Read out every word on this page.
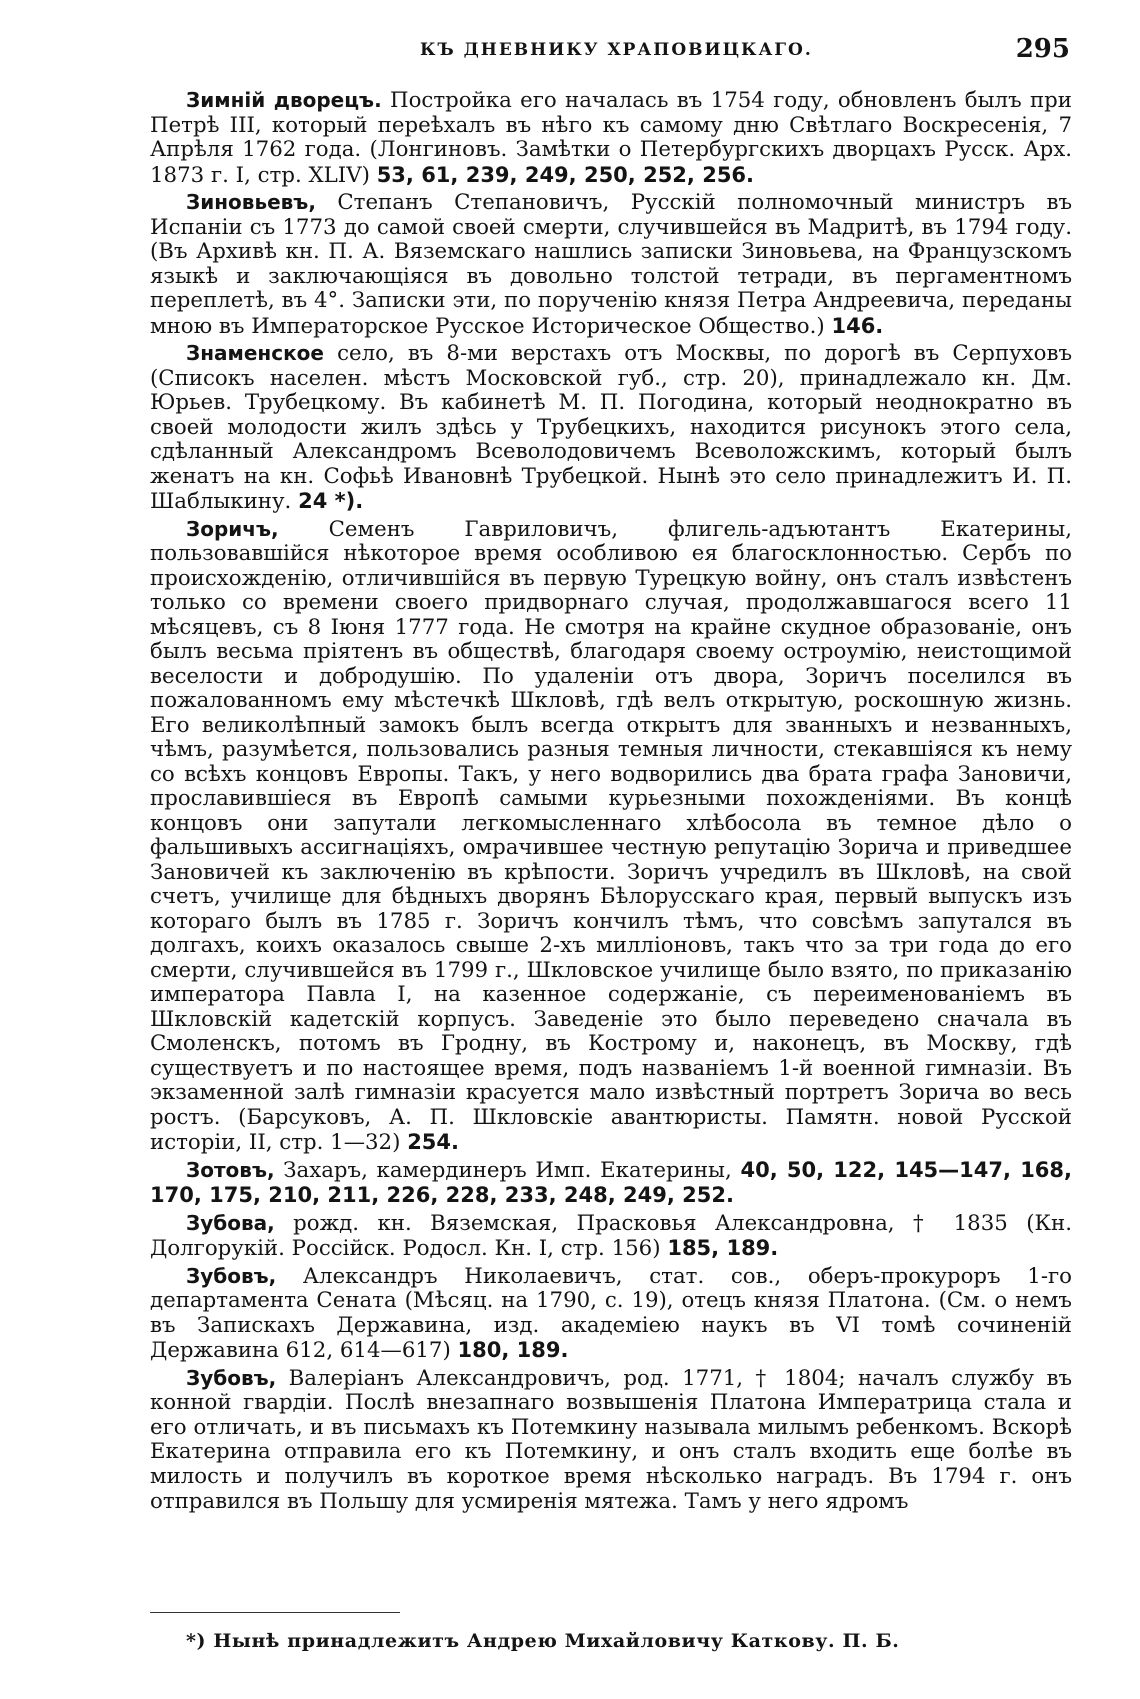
КЪ ДНЕВНИКУ ХРАПОВИЦКАГО.	295

Зимній дворецъ. Постройка его началась въ 1754 году, обновленъ былъ при Петрѣ III, который переѣхалъ въ нѣго къ самому дню Свѣтлаго Воскресенія, 7 Апрѣля 1762 года. (Лонгиновъ. Замѣтки о Петербургскихъ дворцахъ Русск. Арх. 1873 г. I, стр. XLIV) 53, 61, 239, 249, 250, 252, 256.

Зиновьевъ, Степанъ Степановичъ, Русскій полномочный министръ въ Испаніи съ 1773 до самой своей смерти, случившейся въ Мадритѣ, въ 1794 году. (Въ Архивѣ кн. П. А. Вяземскаго нашлись записки Зиновьева, на Французскомъ языкѣ и заключающіяся въ довольно толстой тетради, въ пергаментномъ переплетѣ, въ 4°. Записки эти, по порученію князя Петра Андреевича, переданы мною въ Императорское Русское Историческое Общество.) 146.

Знаменское село, въ 8-ми верстахъ отъ Москвы, по дорогѣ въ Серпуховъ (Списокъ населен. мѣстъ Московской губ., стр. 20), принадлежало кн. Дм. Юрьев. Трубецкому. Въ кабинетѣ М. П. Погодина, который неоднократно въ своей молодости жилъ здѣсь у Трубецкихъ, находится рисунокъ этого села, сдѣланный Александромъ Всеволодовичемъ Всеволожскимъ, который былъ женатъ на кн. Софьѣ Ивановнѣ Трубецкой. Нынѣ это село принадлежитъ И. П. Шаблыкину. 24 *).

Зоричъ, Семенъ Гавриловичъ, флигель-адъютантъ Екатерины, пользовавшійся нѣкоторое время особливою ея благосклонностью. Сербъ по происхожденію, отличившійся въ первую Турецкую войну, онъ сталъ извѣстенъ только со времени своего придворнаго случая, продолжавшагося всего 11 мѣсяцевъ, съ 8 Іюня 1777 года. Не смотря на крайне скудное образованіе, онъ былъ весьма пріятенъ въ обществѣ, благодаря своему остроумію, неистощимой веселости и добродушію. По удаленіи отъ двора, Зоричъ поселился въ пожалованномъ ему мѣстечкѣ Шкловѣ, гдѣ велъ открытую, роскошную жизнь. Его великолѣпный замокъ былъ всегда открытъ для званныхъ и незванныхъ, чѣмъ, разумѣется, пользовались разныя темныя личности, стекавшіяся къ нему со всѣхъ концовъ Европы. Такъ, у него водворились два брата графа Зановичи, прославившіеся въ Европѣ самыми курьезными похожденіями. Въ концѣ концовъ они запутали легкомысленнаго хлѣбосола въ темное дѣло о фальшивыхъ ассигнаціяхъ, омрачившее честную репутацію Зорича и приведшее Зановичей къ заключенію въ крѣпости. Зоричъ учредилъ въ Шкловѣ, на свой счетъ, училище для бѣдныхъ дворянъ Бѣлорусскаго края, первый выпускъ изъ котораго былъ въ 1785 г. Зоричъ кончилъ тѣмъ, что совсѣмъ запутался въ долгахъ, коихъ оказалось свыше 2-хъ милліоновъ, такъ что за три года до его смерти, случившейся въ 1799 г., Шкловское училище было взято, по приказанію императора Павла I, на казенное содержаніе, съ переименованіемъ въ Шкловскій кадетскій корпусъ. Заведеніе это было переведено сначала въ Смоленскъ, потомъ въ Гродну, въ Кострому и, наконецъ, въ Москву, гдѣ существуетъ и по настоящее время, подъ названіемъ 1-й военной гимназіи. Въ экзаменной залѣ гимназіи красуется мало извѣстный портретъ Зорича во весь ростъ. (Барсуковъ, А. П. Шкловскіе авантюристы. Памятн. новой Русской исторіи, II, стр. 1—32) 254.

Зотовъ, Захаръ, камердинеръ Имп. Екатерины, 40, 50, 122, 145—147, 168, 170, 175, 210, 211, 226, 228, 233, 248, 249, 252.

Зубова, рожд. кн. Вяземская, Прасковья Александровна, † 1835 (Кн. Долгорукій. Россійск. Родосл. Кн. I, стр. 156) 185, 189.

Зубовъ, Александръ Николаевичъ, стат. сов., оберъ-прокуроръ 1-го департамента Сената (Мѣсяц. на 1790, с. 19), отецъ князя Платона. (См. о немъ въ Запискахъ Державина, изд. академіею наукъ въ VI томѣ сочиненій Державина 612, 614—617) 180, 189.

Зубовъ, Валеріанъ Александровичъ, род. 1771, † 1804; началъ службу въ конной гвардіи. Послѣ внезапнаго возвышенія Платона Императрица стала и его отличать, и въ письмахъ къ Потемкину называла милымъ ребенкомъ. Вскорѣ Екатерина отправила его къ Потемкину, и онъ сталъ входить еще болѣе въ милость и получилъ въ короткое время нѣсколько наградъ. Въ 1794 г. онъ отправился въ Польшу для усмиренія мятежа. Тамъ у него ядромъ

*) Нынѣ принадлежитъ Андрею Михайловичу Каткову. П. Б.
